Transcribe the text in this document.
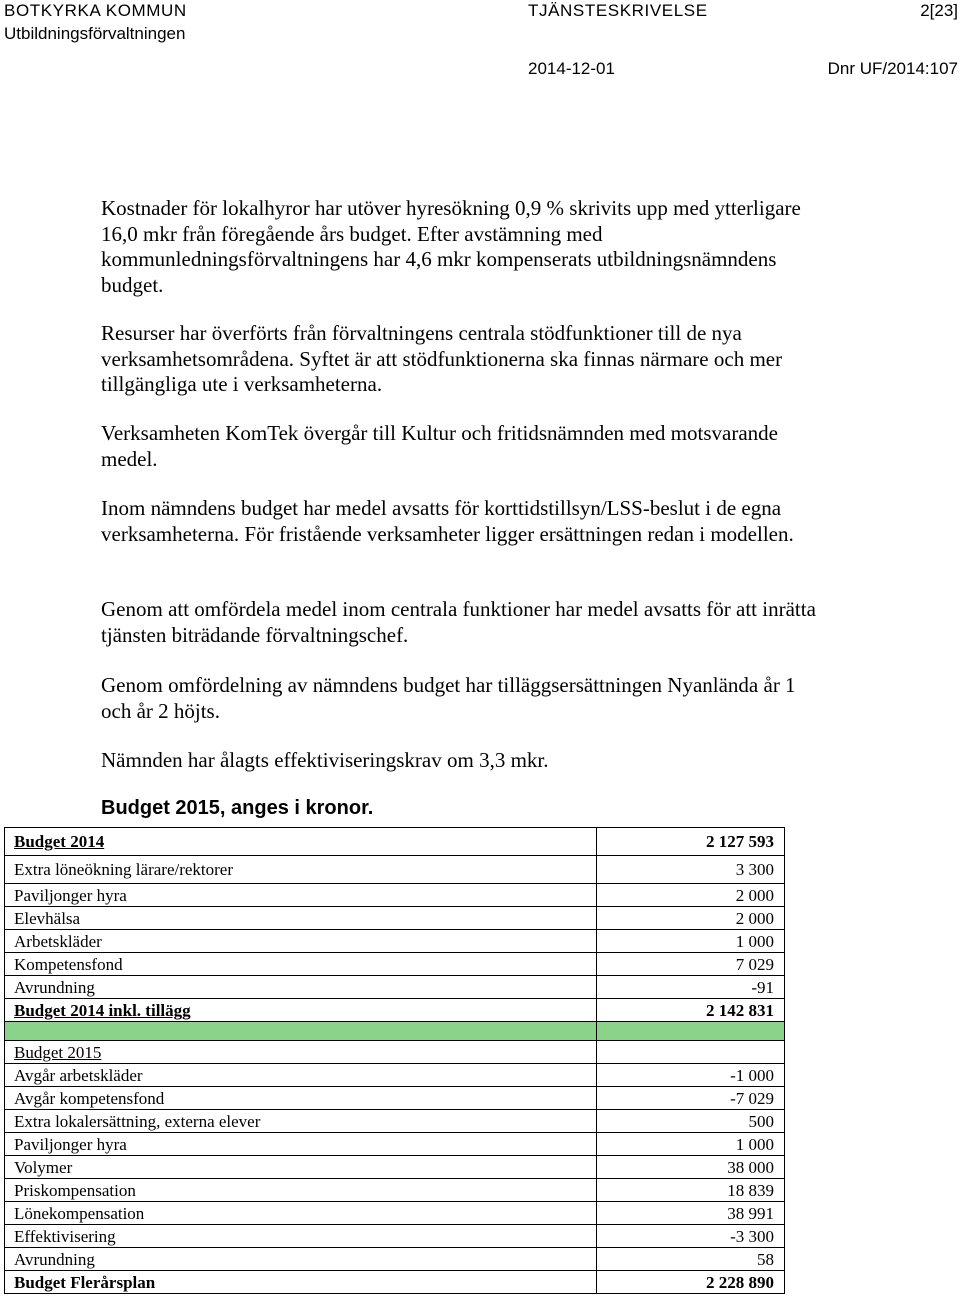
BOTKYRKA KOMMUN
Utbildningsförvaltningen
TJÄNSTESKRIVELSE	2[23]
2014-12-01	Dnr UF/2014:107

Kostnader för lokalhyror har utöver hyresökning 0,9 % skrivits upp med ytterligare 16,0 mkr från föregående års budget. Efter avstämning med kommunledningsförvaltningens har 4,6 mkr kompenserats utbildningsnämndens budget.

Resurser har överförts från förvaltningens centrala stödfunktioner till de nya verksamhetsområdena. Syftet är att stödfunktionerna ska finnas närmare och mer tillgängliga ute i verksamheterna.

Verksamheten KomTek övergår till Kultur och fritidsnämnden med motsvarande medel.

Inom nämndens budget har medel avsatts för korttidstillsyn/LSS-beslut i de egna verksamheterna. För fristående verksamheter ligger ersättningen redan i modellen.

Genom att omfördela medel inom centrala funktioner har medel avsatts för att inrätta tjänsten biträdande förvaltningschef.

Genom omfördelning av nämndens budget har tilläggsersättningen Nyanlända år 1 och år 2 höjts.

Nämnden har ålagts effektiviseringskrav om 3,3 mkr.

Budget 2015, anges i kronor.
Budget 2014	2 127 593
Extra löneökning lärare/rektorer	3 300
Paviljonger hyra	2 000
Elevhälsa	2 000
Arbetskläder	1 000
Kompetensfond	7 029
Avrundning	-91
Budget 2014 inkl. tillägg	2 142 831

Budget 2015	
Avgår arbetskläder	-1 000
Avgår kompetensfond	-7 029
Extra lokalersättning, externa elever	500
Paviljonger hyra	1 000
Volymer	38 000
Priskompensation	18 839
Lönekompensation	38 991
Effektivisering	-3 300
Avrundning	58
Budget Flerårsplan	2 228 890
